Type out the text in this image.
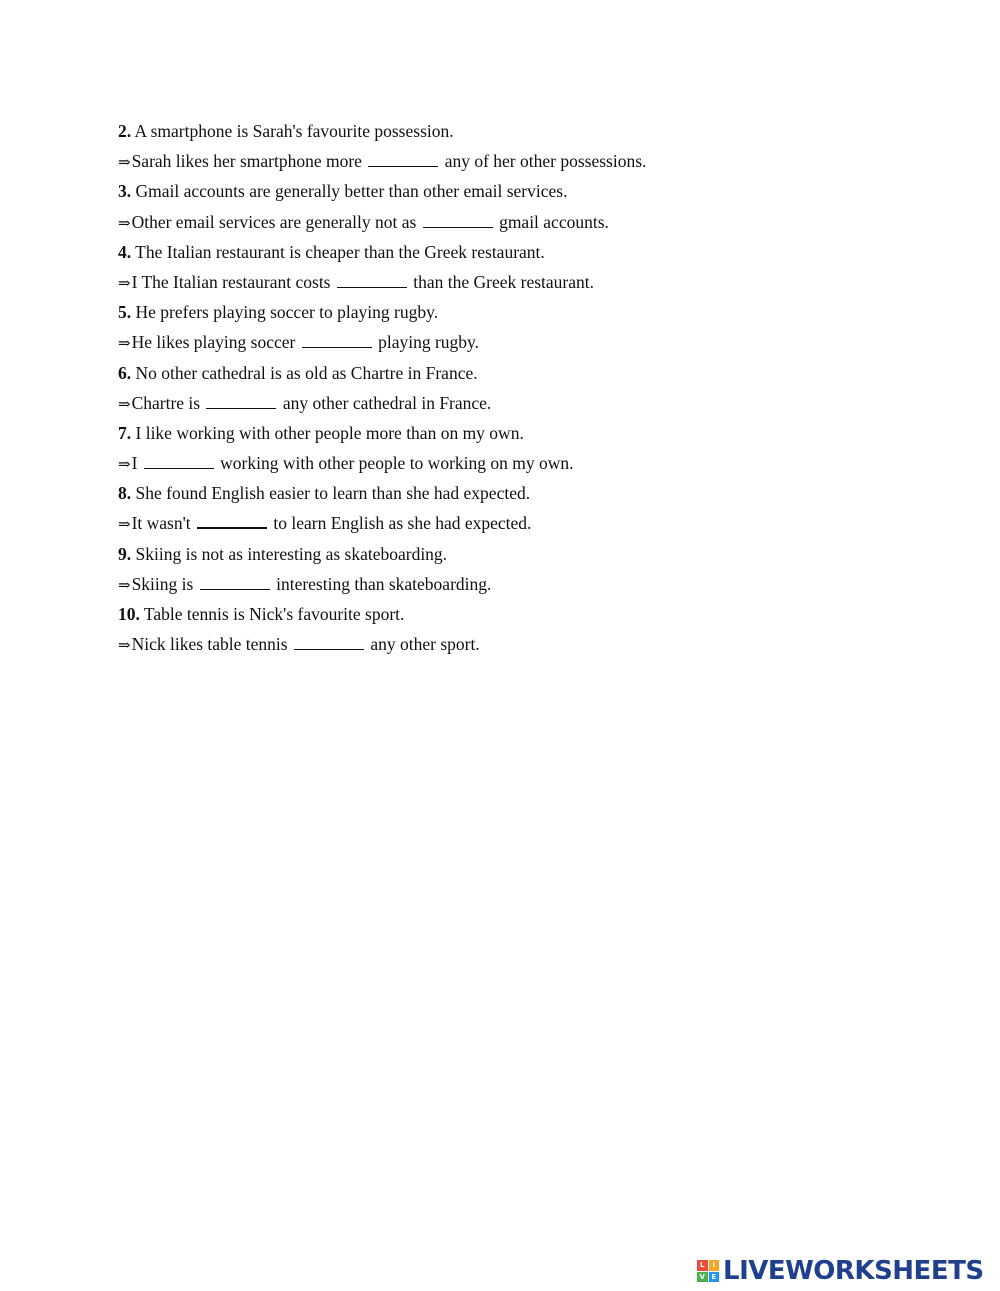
2. A smartphone is Sarah's favourite possession.
⇒Sarah likes her smartphone more	any of her other possessions.
3. Gmail accounts are generally better than other email services.
⇒Other email services are generally not as	gmail accounts.
4. The Italian restaurant is cheaper than the Greek restaurant.
⇒I The Italian restaurant costs	than the Greek restaurant.
5. He prefers playing soccer to playing rugby.
⇒He likes playing soccer	playing rugby.
6. No other cathedral is as old as Chartre in France.
⇒Chartre is	any other cathedral in France.
7. I like working with other people more than on my own.
⇒I	working with other people to working on my own.
8. She found English easier to learn than she had expected.
⇒It wasn't	to learn English as she had expected.
9. Skiing is not as interesting as skateboarding.
⇒Skiing is	interesting than skateboarding.
10. Table tennis is Nick's favourite sport.
⇒Nick likes table tennis	any other sport.
L	I
V E LIVEWORKSHEETS
